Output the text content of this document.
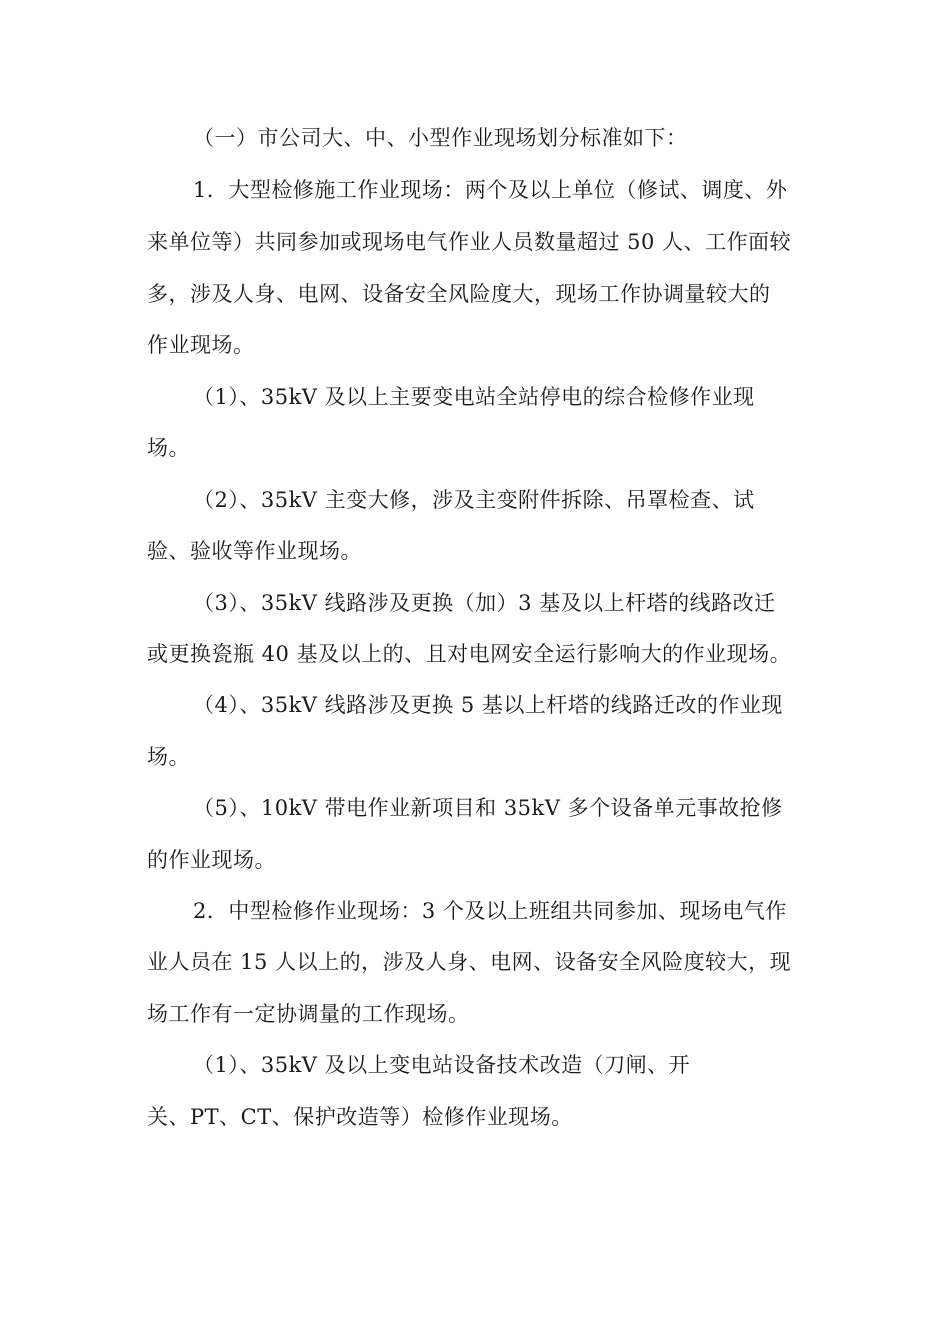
（一）市公司大、中、小型作业现场划分标准如下：

1．大型检修施工作业现场：两个及以上单位（修试、调度、外

来单位等）共同参加或现场电气作业人员数量超过 50 人、工作面较

多，涉及人身、电网、设备安全风险度大，现场工作协调量较大的

作业现场。

（1）、35kV 及以上主要变电站全站停电的综合检修作业现

场。

（2）、35kV 主变大修，涉及主变附件拆除、吊罩检查、试

验、验收等作业现场。

（3）、35kV 线路涉及更换（加）3 基及以上杆塔的线路改迁

或更换瓷瓶 40 基及以上的、且对电网安全运行影响大的作业现场。

（4）、35kV 线路涉及更换 5 基以上杆塔的线路迁改的作业现

场。

（5）、10kV 带电作业新项目和 35kV 多个设备单元事故抢修

的作业现场。

2．中型检修作业现场：3 个及以上班组共同参加、现场电气作

业人员在 15 人以上的，涉及人身、电网、设备安全风险度较大，现

场工作有一定协调量的工作现场。

（1）、35kV 及以上变电站设备技术改造（刀闸、开

关、PT、CT、保护改造等）检修作业现场。
